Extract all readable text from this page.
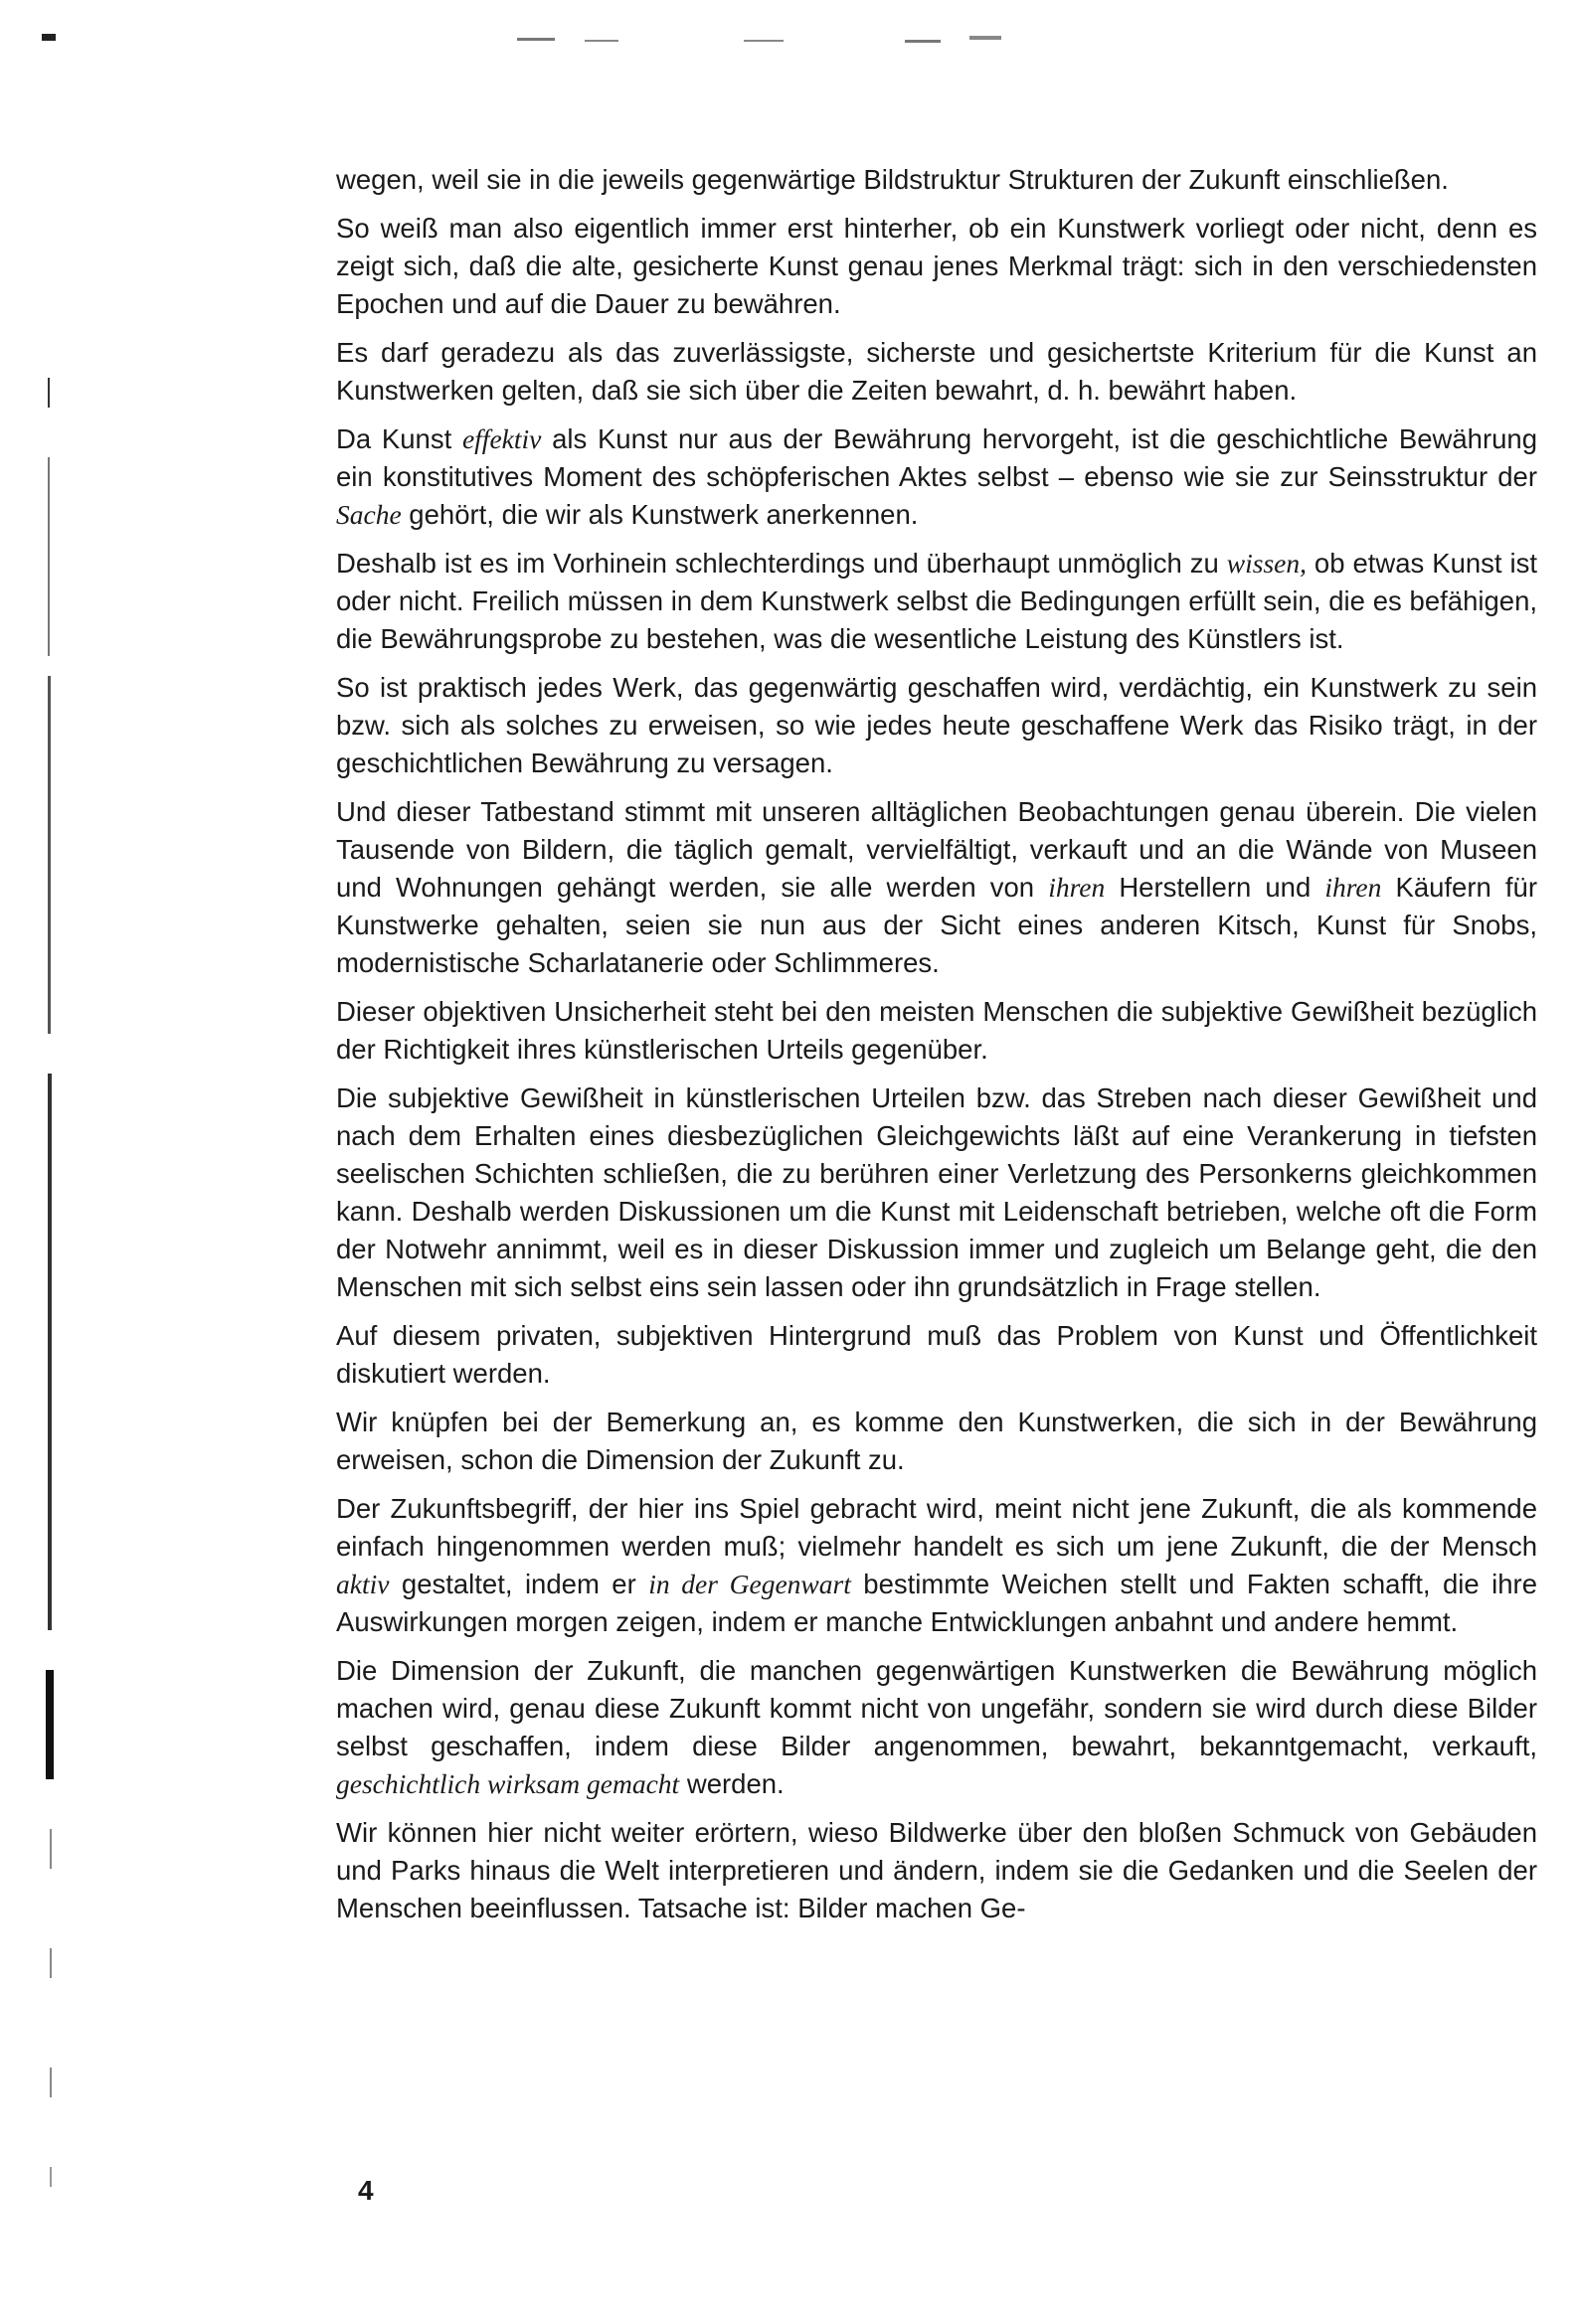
wegen, weil sie in die jeweils gegenwärtige Bildstruktur Strukturen der Zukunft einschließen.

So weiß man also eigentlich immer erst hinterher, ob ein Kunstwerk vorliegt oder nicht, denn es zeigt sich, daß die alte, gesicherte Kunst genau jenes Merkmal trägt: sich in den verschiedensten Epochen und auf die Dauer zu bewähren.

Es darf geradezu als das zuverlässigste, sicherste und gesichertste Kriterium für die Kunst an Kunstwerken gelten, daß sie sich über die Zeiten bewahrt, d. h. bewährt haben.

Da Kunst effektiv als Kunst nur aus der Bewährung hervorgeht, ist die geschichtliche Bewährung ein konstitutives Moment des schöpferischen Aktes selbst – ebenso wie sie zur Seinsstruktur der Sache gehört, die wir als Kunstwerk anerkennen.

Deshalb ist es im Vorhinein schlechterdings und überhaupt unmöglich zu wissen, ob etwas Kunst ist oder nicht. Freilich müssen in dem Kunstwerk selbst die Bedingungen erfüllt sein, die es befähigen, die Bewährungsprobe zu bestehen, was die wesentliche Leistung des Künstlers ist.

So ist praktisch jedes Werk, das gegenwärtig geschaffen wird, verdächtig, ein Kunstwerk zu sein bzw. sich als solches zu erweisen, so wie jedes heute geschaffene Werk das Risiko trägt, in der geschichtlichen Bewährung zu versagen.

Und dieser Tatbestand stimmt mit unseren alltäglichen Beobachtungen genau überein. Die vielen Tausende von Bildern, die täglich gemalt, vervielfältigt, verkauft und an die Wände von Museen und Wohnungen gehängt werden, sie alle werden von ihren Herstellern und ihren Käufern für Kunstwerke gehalten, seien sie nun aus der Sicht eines anderen Kitsch, Kunst für Snobs, modernistische Scharlatanerie oder Schlimmeres.

Dieser objektiven Unsicherheit steht bei den meisten Menschen die subjektive Gewißheit bezüglich der Richtigkeit ihres künstlerischen Urteils gegenüber.

Die subjektive Gewißheit in künstlerischen Urteilen bzw. das Streben nach dieser Gewißheit und nach dem Erhalten eines diesbezüglichen Gleichgewichts läßt auf eine Verankerung in tiefsten seelischen Schichten schließen, die zu berühren einer Verletzung des Personkerns gleichkommen kann. Deshalb werden Diskussionen um die Kunst mit Leidenschaft betrieben, welche oft die Form der Notwehr annimmt, weil es in dieser Diskussion immer und zugleich um Belange geht, die den Menschen mit sich selbst eins sein lassen oder ihn grundsätzlich in Frage stellen.

Auf diesem privaten, subjektiven Hintergrund muß das Problem von Kunst und Öffentlichkeit diskutiert werden.

Wir knüpfen bei der Bemerkung an, es komme den Kunstwerken, die sich in der Bewährung erweisen, schon die Dimension der Zukunft zu.

Der Zukunftsbegriff, der hier ins Spiel gebracht wird, meint nicht jene Zukunft, die als kommende einfach hingenommen werden muß; vielmehr handelt es sich um jene Zukunft, die der Mensch aktiv gestaltet, indem er in der Gegenwart bestimmte Weichen stellt und Fakten schafft, die ihre Auswirkungen morgen zeigen, indem er manche Entwicklungen anbahnt und andere hemmt.

Die Dimension der Zukunft, die manchen gegenwärtigen Kunstwerken die Bewährung möglich machen wird, genau diese Zukunft kommt nicht von ungefähr, sondern sie wird durch diese Bilder selbst geschaffen, indem diese Bilder angenommen, bewahrt, bekanntgemacht, verkauft, geschichtlich wirksam gemacht werden.

Wir können hier nicht weiter erörtern, wieso Bildwerke über den bloßen Schmuck von Gebäuden und Parks hinaus die Welt interpretieren und ändern, indem sie die Gedanken und die Seelen der Menschen beeinflussen. Tatsache ist: Bilder machen Ge-

4
